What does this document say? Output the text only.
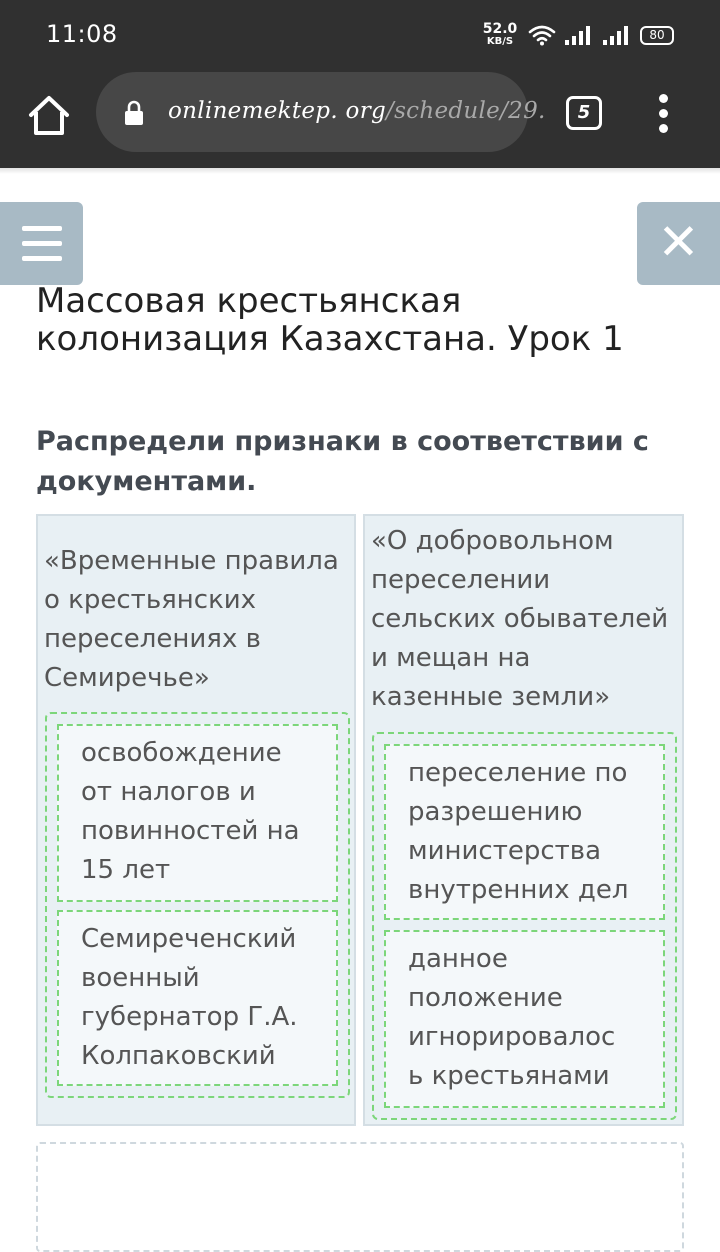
11:08	52.0
KB/S	80
onlinemektep. org/schedule/29.	5
✕
Массовая крестьянская
колонизация Казахстана. Урок 1
Распредели признаки в соответствии с
документами.
«Временные правила
о крестьянских
переселениях в
Семиречье»
освобождение
от налогов и
повинностей на
15 лет
Семиреченский
военный
губернатор Г.А.
Колпаковский
«О добровольном
переселении
сельских обывателей
и мещан на
казенные земли»
переселение по
разрешению
министерства
внутренних дел
данное
положение
игнорировалос
ь крестьянами
